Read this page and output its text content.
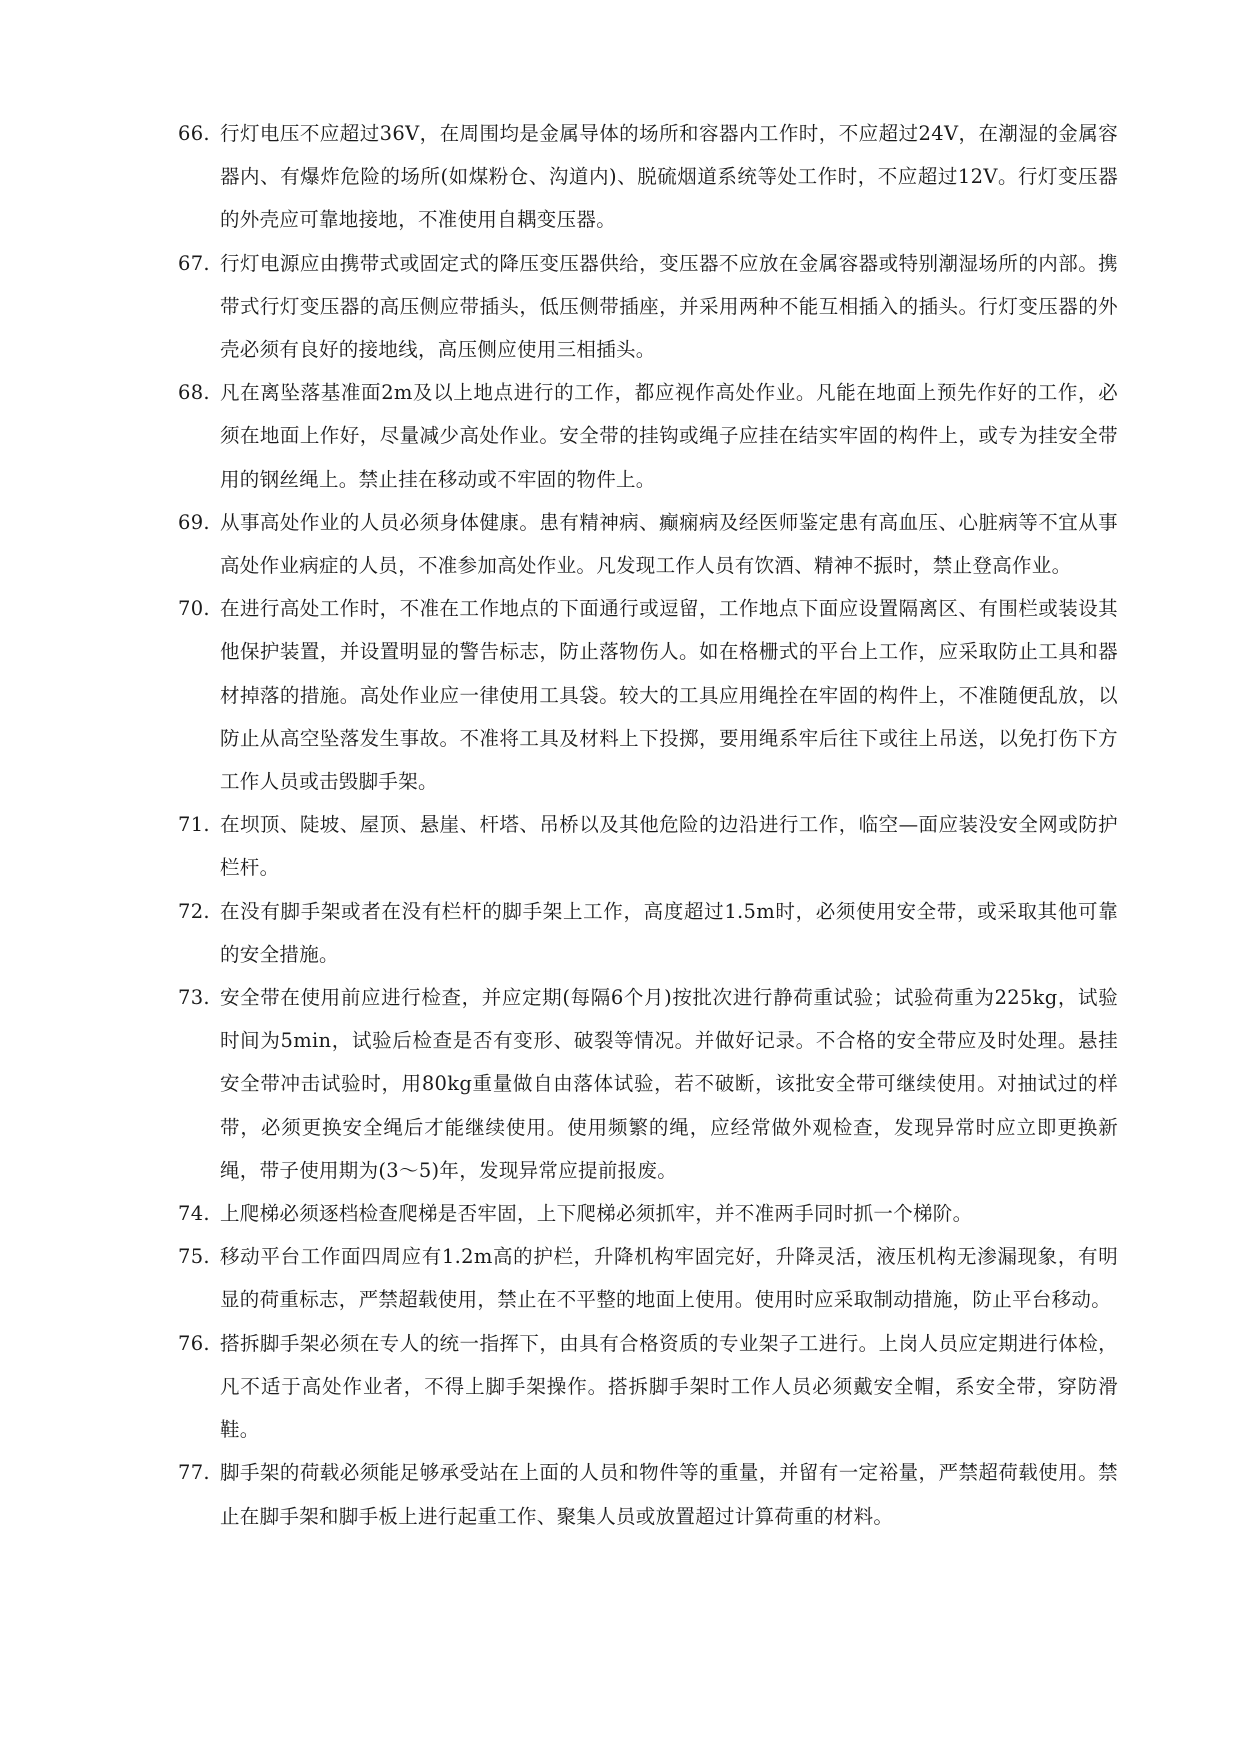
66. 行灯电压不应超过36V，在周围均是金属导体的场所和容器内工作时，不应超过24V，在潮湿的金属容器内、有爆炸危险的场所(如煤粉仓、沟道内)、脱硫烟道系统等处工作时，不应超过12V。行灯变压器的外壳应可靠地接地，不准使用自耦变压器。
67. 行灯电源应由携带式或固定式的降压变压器供给，变压器不应放在金属容器或特别潮湿场所的内部。携带式行灯变压器的高压侧应带插头，低压侧带插座，并采用两种不能互相插入的插头。行灯变压器的外壳必须有良好的接地线，高压侧应使用三相插头。
68. 凡在离坠落基准面2m及以上地点进行的工作，都应视作高处作业。凡能在地面上预先作好的工作，必须在地面上作好，尽量减少高处作业。安全带的挂钩或绳子应挂在结实牢固的构件上，或专为挂安全带用的钢丝绳上。禁止挂在移动或不牢固的物件上。
69. 从事高处作业的人员必须身体健康。患有精神病、癫痫病及经医师鉴定患有高血压、心脏病等不宜从事高处作业病症的人员，不准参加高处作业。凡发现工作人员有饮酒、精神不振时，禁止登高作业。
70. 在进行高处工作时，不准在工作地点的下面通行或逗留，工作地点下面应设置隔离区、有围栏或装设其他保护装置，并设置明显的警告标志，防止落物伤人。如在格栅式的平台上工作，应采取防止工具和器材掉落的措施。高处作业应一律使用工具袋。较大的工具应用绳拴在牢固的构件上，不准随便乱放，以防止从高空坠落发生事故。不准将工具及材料上下投掷，要用绳系牢后往下或往上吊送，以免打伤下方工作人员或击毁脚手架。
71. 在坝顶、陡坡、屋顶、悬崖、杆塔、吊桥以及其他危险的边沿进行工作，临空—面应装没安全网或防护栏杆。
72. 在没有脚手架或者在没有栏杆的脚手架上工作，高度超过1.5m时，必须使用安全带，或采取其他可靠的安全措施。
73. 安全带在使用前应进行检查，并应定期(每隔6个月)按批次进行静荷重试验；试验荷重为225kg，试验时间为5min，试验后检查是否有变形、破裂等情况。并做好记录。不合格的安全带应及时处理。悬挂安全带冲击试验时，用80kg重量做自由落体试验，若不破断，该批安全带可继续使用。对抽试过的样带，必须更换安全绳后才能继续使用。使用频繁的绳，应经常做外观检查，发现异常时应立即更换新绳，带子使用期为(3～5)年，发现异常应提前报废。
74. 上爬梯必须逐档检查爬梯是否牢固，上下爬梯必须抓牢，并不准两手同时抓一个梯阶。
75. 移动平台工作面四周应有1.2m高的护栏，升降机构牢固完好，升降灵活，液压机构无渗漏现象，有明显的荷重标志，严禁超载使用，禁止在不平整的地面上使用。使用时应采取制动措施，防止平台移动。
76. 搭拆脚手架必须在专人的统一指挥下，由具有合格资质的专业架子工进行。上岗人员应定期进行体检，凡不适于高处作业者，不得上脚手架操作。搭拆脚手架时工作人员必须戴安全帽，系安全带，穿防滑鞋。
77. 脚手架的荷载必须能足够承受站在上面的人员和物件等的重量，并留有一定裕量，严禁超荷载使用。禁止在脚手架和脚手板上进行起重工作、聚集人员或放置超过计算荷重的材料。
